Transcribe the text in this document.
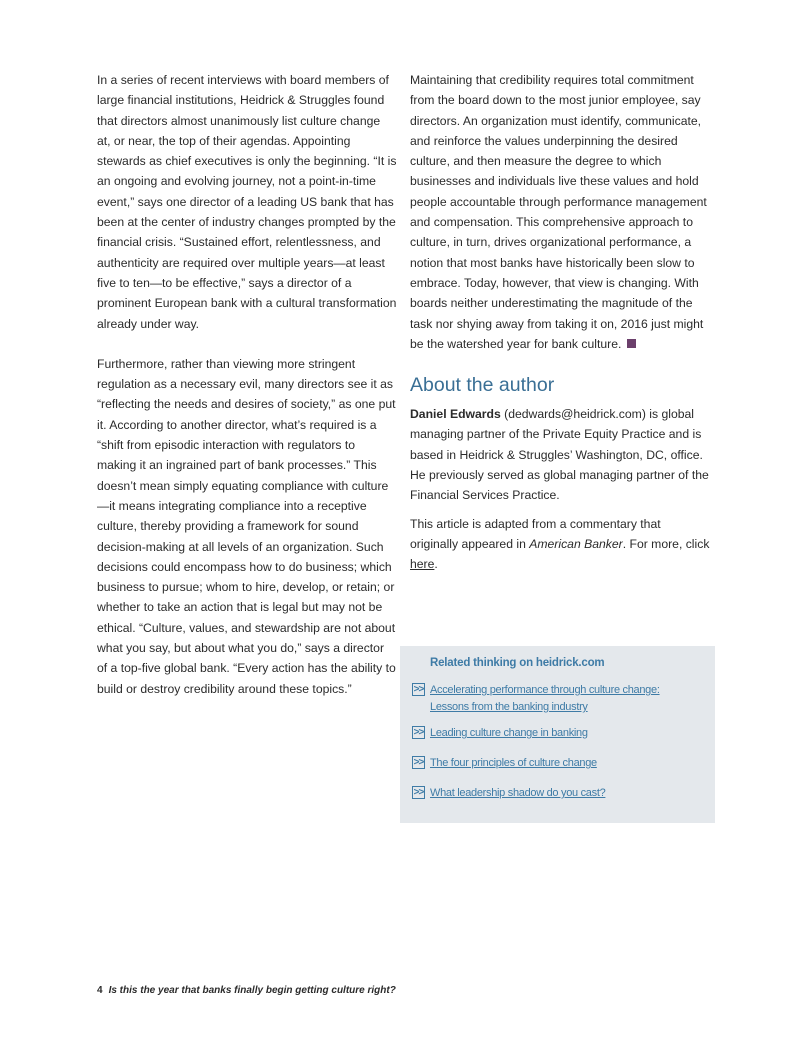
In a series of recent interviews with board members of large financial institutions, Heidrick & Struggles found that directors almost unanimously list culture change at, or near, the top of their agendas. Appointing stewards as chief executives is only the beginning. “It is an ongoing and evolving journey, not a point-in-time event,” says one director of a leading US bank that has been at the center of industry changes prompted by the financial crisis. “Sustained effort, relentlessness, and authenticity are required over multiple years—at least five to ten—to be effective,” says a director of a prominent European bank with a cultural transformation already under way.

Furthermore, rather than viewing more stringent regulation as a necessary evil, many directors see it as “reflecting the needs and desires of society,” as one put it. According to another director, what’s required is a “shift from episodic interaction with regulators to making it an ingrained part of bank processes.” This doesn’t mean simply equating compliance with culture—it means integrating compliance into a receptive culture, thereby providing a framework for sound decision-making at all levels of an organization. Such decisions could encompass how to do business; which business to pursue; whom to hire, develop, or retain; or whether to take an action that is legal but may not be ethical. “Culture, values, and stewardship are not about what you say, but about what you do,” says a director of a top-five global bank. “Every action has the ability to build or destroy credibility around these topics.”

Maintaining that credibility requires total commitment from the board down to the most junior employee, say directors. An organization must identify, communicate, and reinforce the values underpinning the desired culture, and then measure the degree to which businesses and individuals live these values and hold people accountable through performance management and compensation. This comprehensive approach to culture, in turn, drives organizational performance, a notion that most banks have historically been slow to embrace. Today, however, that view is changing. With boards neither underestimating the magnitude of the task nor shying away from taking it on, 2016 just might be the watershed year for bank culture.

About the author

Daniel Edwards (dedwards@heidrick.com) is global managing partner of the Private Equity Practice and is based in Heidrick & Struggles’ Washington, DC, office. He previously served as global managing partner of the Financial Services Practice.

This article is adapted from a commentary that originally appeared in American Banker. For more, click here.

Related thinking on heidrick.com
>> Accelerating performance through culture change:
Lessons from the banking industry
>> Leading culture change in banking
>> The four principles of culture change
>> What leadership shadow do you cast?
4 Is this the year that banks finally begin getting culture right?
